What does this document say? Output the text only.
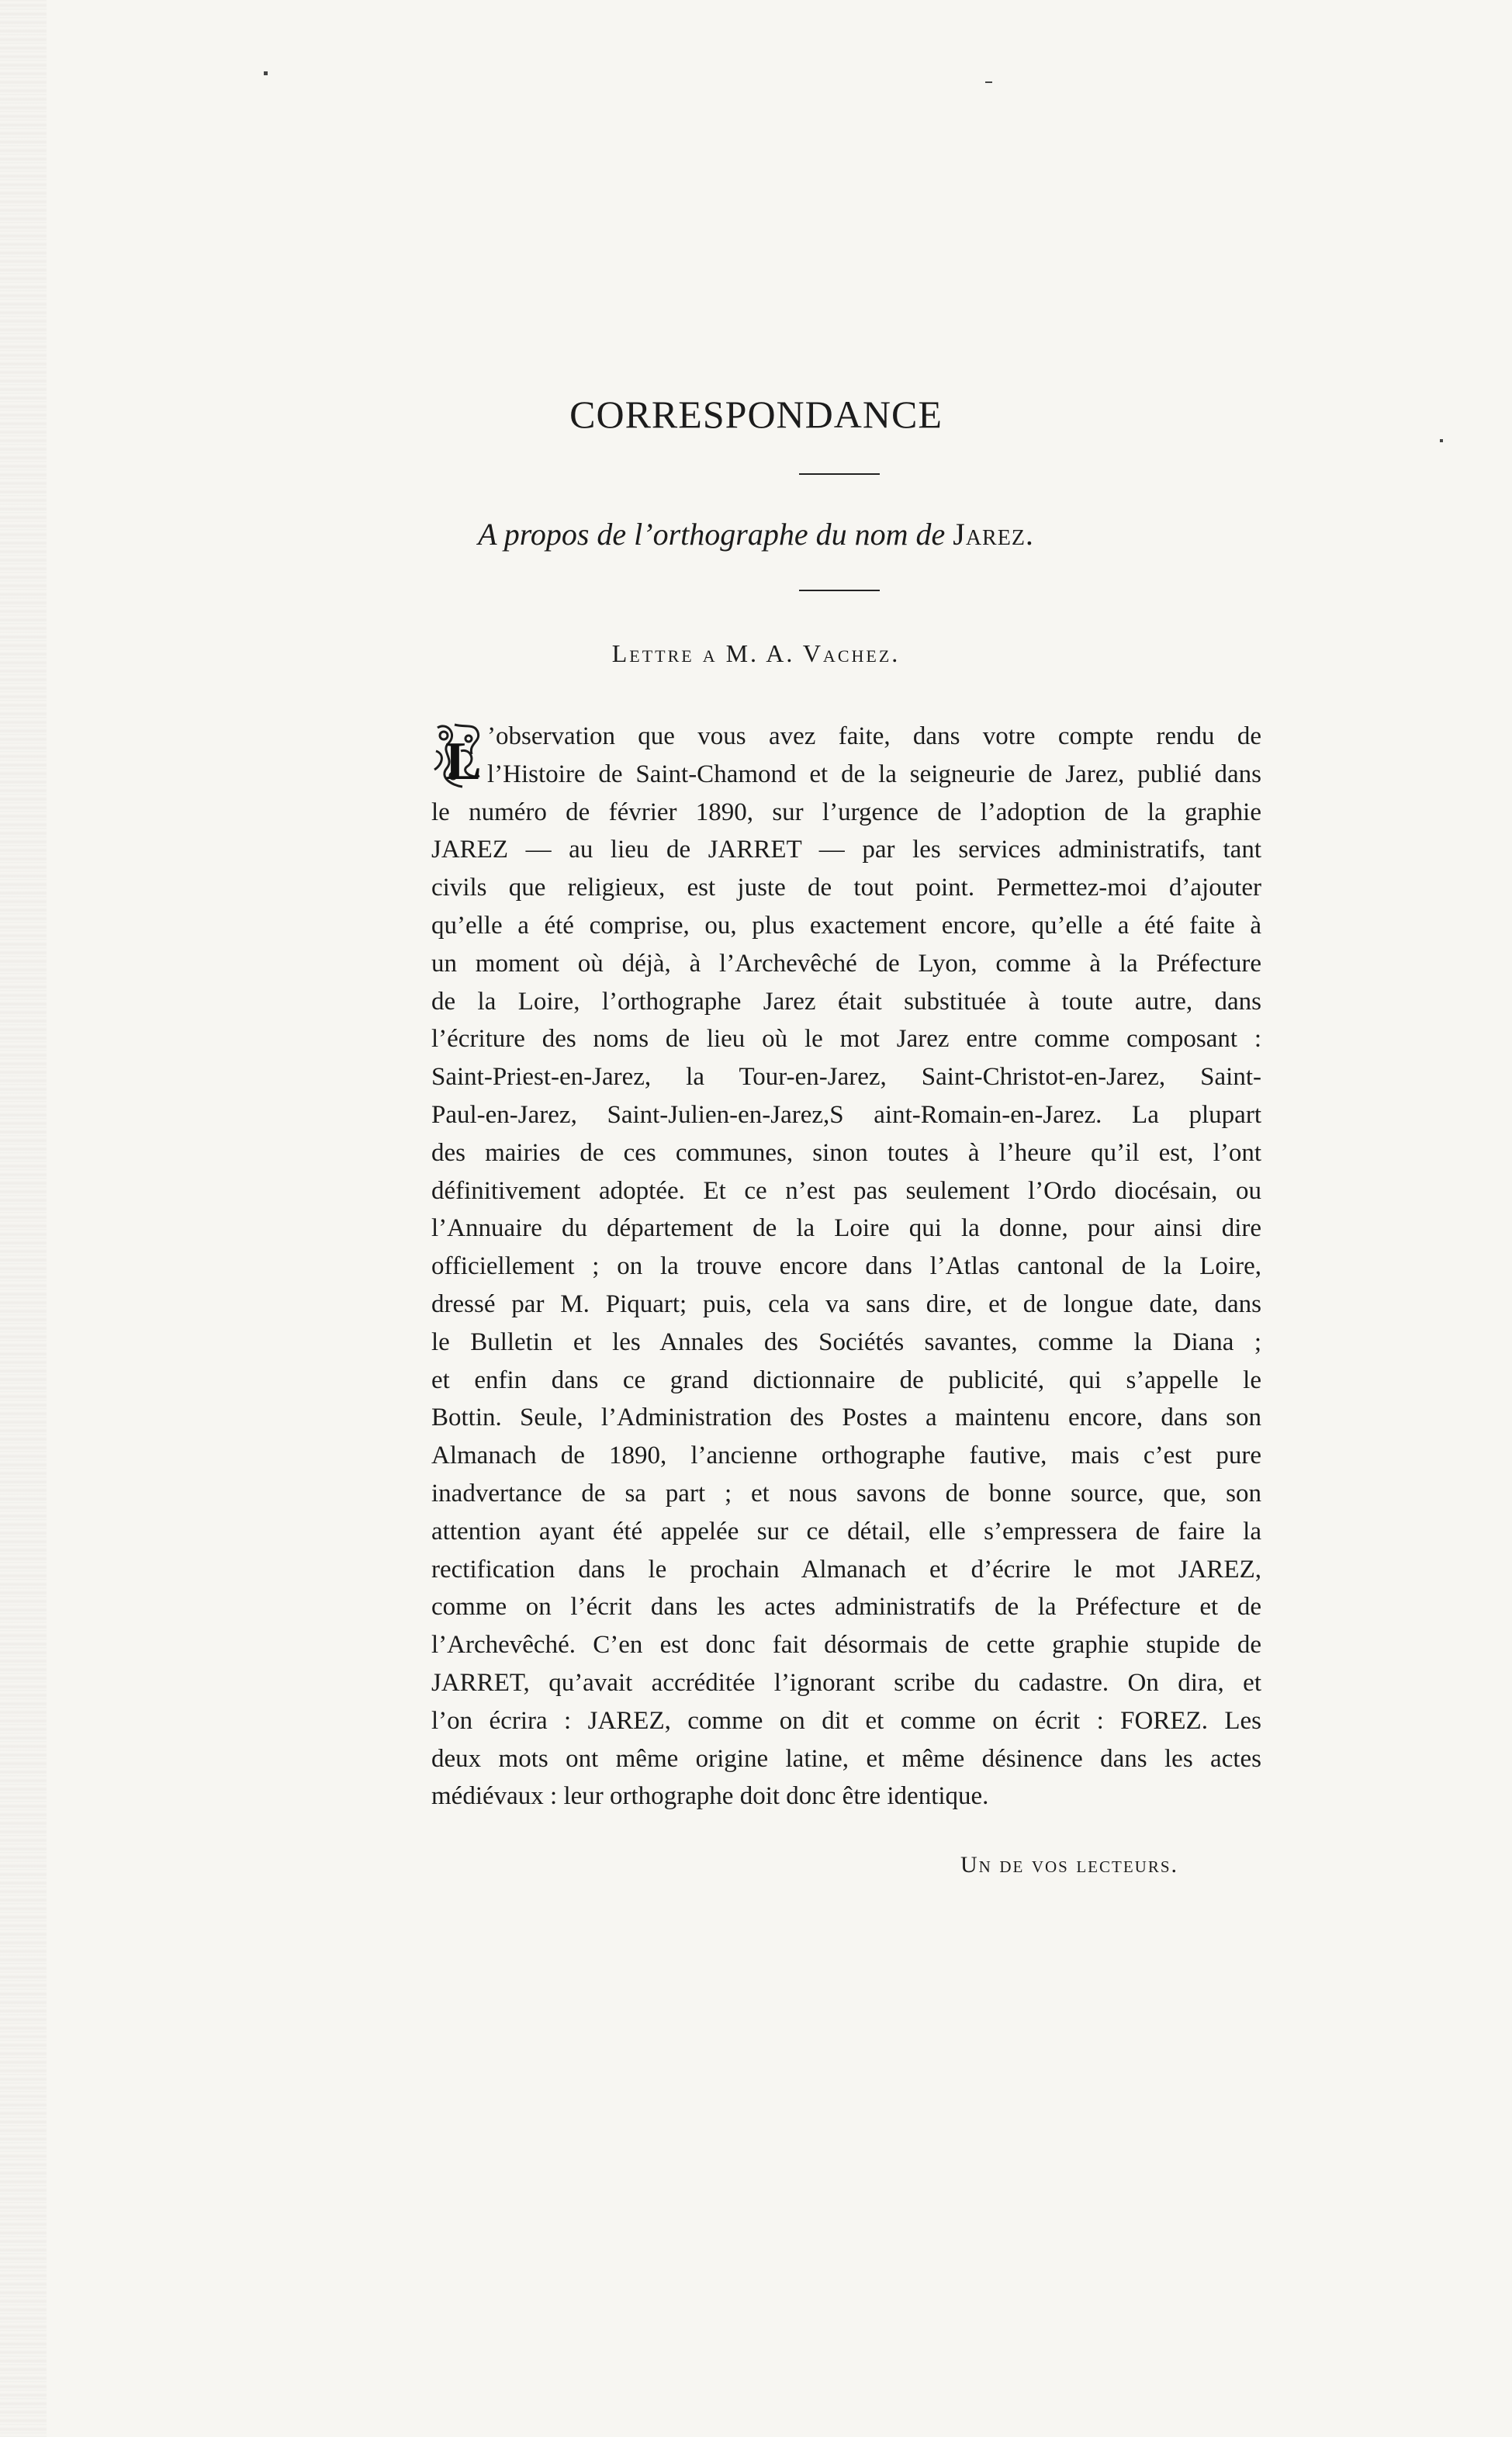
CORRESPONDANCE
A propos de l’orthographe du nom de Jarez.
Lettre a M. A. Vachez.
L ’observation que vous avez faite, dans votre compte rendu de
l’Histoire de Saint-Chamond et de la seigneurie de Jarez, publié dans
le numéro de février 1890, sur l’urgence de l’adoption de la graphie
JAREZ — au lieu de JARRET — par les services administratifs, tant
civils que religieux, est juste de tout point. Permettez-moi d’ajouter
qu’elle a été comprise, ou, plus exactement encore, qu’elle a été faite à
un moment où déjà, à l’Archevêché de Lyon, comme à la Préfecture
de la Loire, l’orthographe Jarez était substituée à toute autre, dans
l’écriture des noms de lieu où le mot Jarez entre comme composant :
Saint-Priest-en-Jarez, la Tour-en-Jarez, Saint-Christot-en-Jarez, Saint-
Paul-en-Jarez, Saint-Julien-en-Jarez,S aint-Romain-en-Jarez. La plupart
des mairies de ces communes, sinon toutes à l’heure qu’il est, l’ont
définitivement adoptée. Et ce n’est pas seulement l’Ordo diocésain, ou
l’Annuaire du département de la Loire qui la donne, pour ainsi dire
officiellement ; on la trouve encore dans l’Atlas cantonal de la Loire,
dressé par M. Piquart; puis, cela va sans dire, et de longue date, dans
le Bulletin et les Annales des Sociétés savantes, comme la Diana ;
et enfin dans ce grand dictionnaire de publicité, qui s’appelle le
Bottin. Seule, l’Administration des Postes a maintenu encore, dans son
Almanach de 1890, l’ancienne orthographe fautive, mais c’est pure
inadvertance de sa part ; et nous savons de bonne source, que, son
attention ayant été appelée sur ce détail, elle s’empressera de faire la
rectification dans le prochain Almanach et d’écrire le mot JAREZ,
comme on l’écrit dans les actes administratifs de la Préfecture et de
l’Archevêché. C’en est donc fait désormais de cette graphie stupide de
JARRET, qu’avait accréditée l’ignorant scribe du cadastre. On dira, et
l’on écrira : JAREZ, comme on dit et comme on écrit : FOREZ. Les
deux mots ont même origine latine, et même désinence dans les actes
médiévaux : leur orthographe doit donc être identique.
Un de vos lecteurs.
